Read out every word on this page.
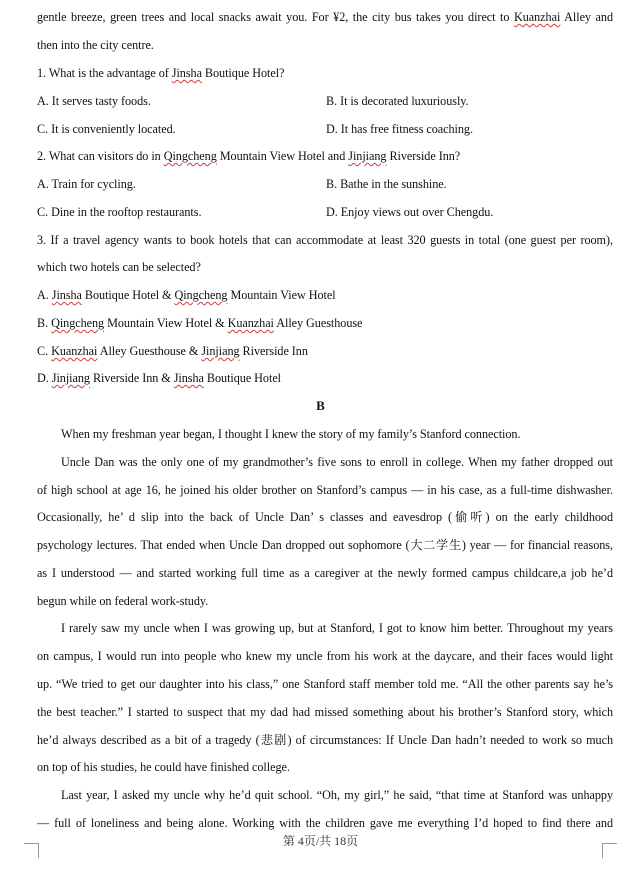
gentle breeze, green trees and local snacks await you. For ¥2, the city bus takes you direct to Kuanzhai Alley and
then into the city centre.
1. What is the advantage of Jinsha Boutique Hotel?
A. It serves tasty foods.	B. It is decorated luxuriously.
C. It is conveniently located.	D. It has free fitness coaching.
2. What can visitors do in Qingcheng Mountain View Hotel and Jinjiang Riverside Inn?
A. Train for cycling.	B. Bathe in the sunshine.
C. Dine in the rooftop restaurants.	D. Enjoy views out over Chengdu.
3. If a travel agency wants to book hotels that can accommodate at least 320 guests in total (one guest per room),
which two hotels can be selected?
A. Jinsha Boutique Hotel & Qingcheng Mountain View Hotel
B. Qingcheng Mountain View Hotel & Kuanzhai Alley Guesthouse
C. Kuanzhai Alley Guesthouse & Jinjiang Riverside Inn
D. Jinjiang Riverside Inn & Jinsha Boutique Hotel
B
When my freshman year began, I thought I knew the story of my family’s Stanford connection.
Uncle Dan was the only one of my grandmother’s five sons to enroll in college. When my father dropped out
of high school at age 16, he joined his older brother on Stanford’s campus — in his case, as a full-time dishwasher.
Occasionally, he’ d slip into the back of Uncle Dan’ s classes and eavesdrop (偷听) on the early childhood
psychology lectures. That ended when Uncle Dan dropped out sophomore (大二学生) year — for financial reasons,
as I understood — and started working full time as a caregiver at the newly formed campus childcare,a job he’d
begun while on federal work-study.
I rarely saw my uncle when I was growing up, but at Stanford, I got to know him better. Throughout my years
on campus, I would run into people who knew my uncle from his work at the daycare, and their faces would light
up. “We tried to get our daughter into his class,” one Stanford staff member told me. “All the other parents say he’s
the best teacher.” I started to suspect that my dad had missed something about his brother’s Stanford story, which
he’d always described as a bit of a tragedy (悲剧) of circumstances: If Uncle Dan hadn’t needed to work so much
on top of his studies, he could have finished college.
Last year, I asked my uncle why he’d quit school. “Oh, my girl,” he said, “that time at Stanford was unhappy
— full of loneliness and being alone. Working with the children gave me everything I’d hoped to find there and
第 4页/共 18页
